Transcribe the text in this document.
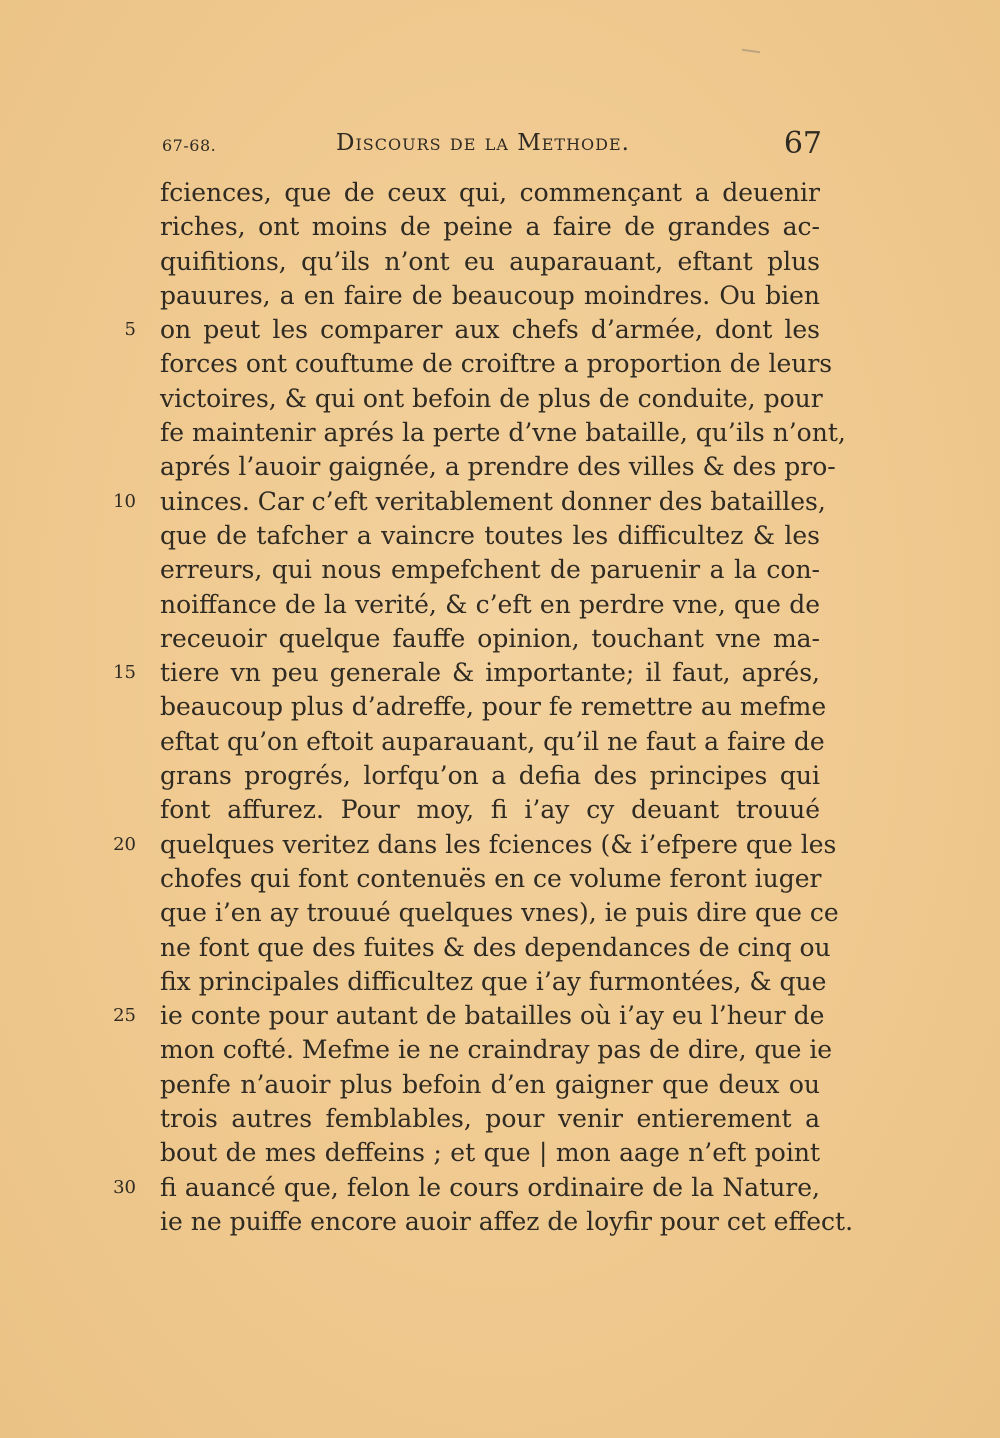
67-68.	Discours de la Methode.	67
fciences, que de ceux qui, commençant a deuenir
riches, ont moins de peine a faire de grandes ac-
quifitions, qu’ils n’ont eu auparauant, eftant plus
pauures, a en faire de beaucoup moindres. Ou bien
5 on peut les comparer aux chefs d’armée, dont les
forces ont couftume de croiftre a proportion de leurs
victoires, & qui ont befoin de plus de conduite, pour
fe maintenir aprés la perte d’vne bataille, qu’ils n’ont,
aprés l’auoir gaignée, a prendre des villes & des pro-
10 uinces. Car c’eft veritablement donner des batailles,
que de tafcher a vaincre toutes les difficultez & les
erreurs, qui nous empefchent de paruenir a la con-
noiffance de la verité, & c’eft en perdre vne, que de
receuoir quelque fauffe opinion, touchant vne ma-
15 tiere vn peu generale & importante; il faut, aprés,
beaucoup plus d’adreffe, pour fe remettre au mefme
eftat qu’on eftoit auparauant, qu’il ne faut a faire de
grans progrés, lorfqu’on a defia des principes qui
font affurez. Pour moy, fi i’ay cy deuant trouué
20 quelques veritez dans les fciences (& i’efpere que les
chofes qui font contenuës en ce volume feront iuger
que i’en ay trouué quelques vnes), ie puis dire que ce
ne font que des fuites & des dependances de cinq ou
fix principales difficultez que i’ay furmontées, & que
25 ie conte pour autant de batailles où i’ay eu l’heur de
mon cofté. Mefme ie ne craindray pas de dire, que ie
penfe n’auoir plus befoin d’en gaigner que deux ou
trois autres femblables, pour venir entierement a
bout de mes deffeins ; et que | mon aage n’eft point
30 fi auancé que, felon le cours ordinaire de la Nature,
ie ne puiffe encore auoir affez de loyfir pour cet effect.
